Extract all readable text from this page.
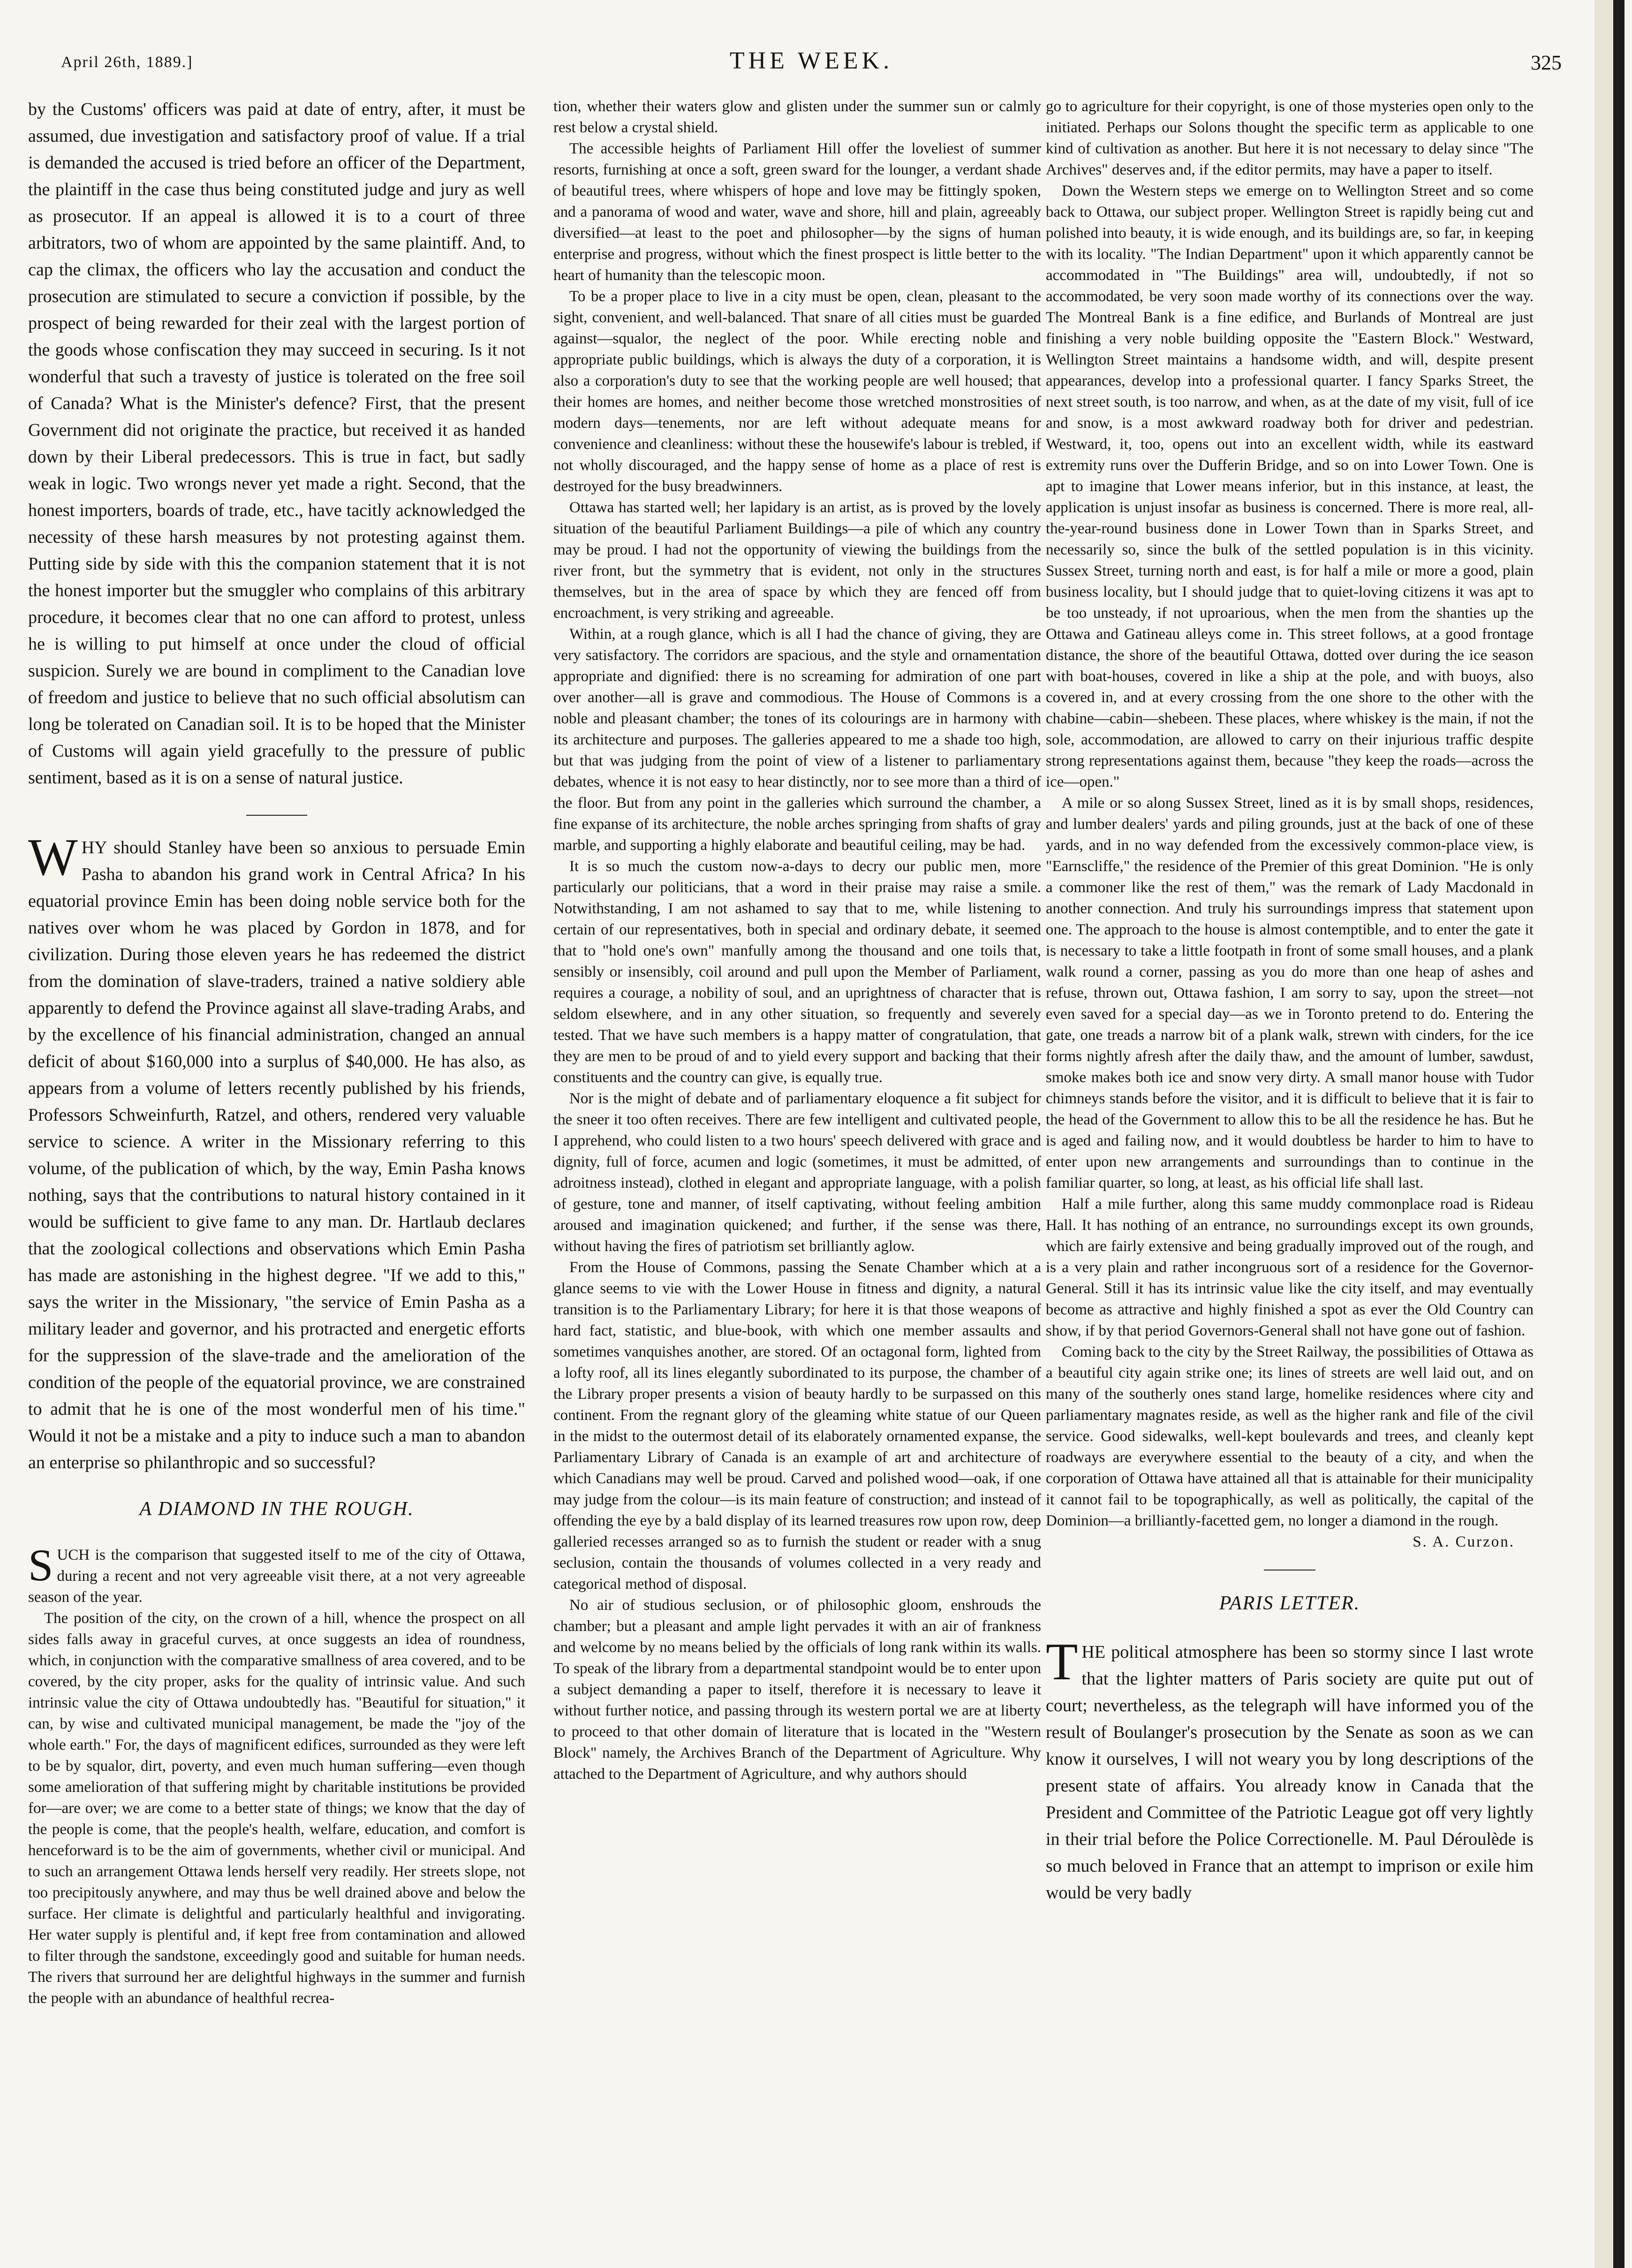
April 26th, 1889.]	THE WEEK.	325

by the Customs' officers was paid at date of entry, after, it must be assumed, due investigation and satisfactory proof of value. If a trial is demanded the accused is tried before an officer of the Department, the plaintiff in the case thus being constituted judge and jury as well as prosecutor. If an appeal is allowed it is to a court of three arbitrators, two of whom are appointed by the same plaintiff. And, to cap the climax, the officers who lay the accusation and conduct the prosecution are stimulated to secure a conviction if possible, by the prospect of being rewarded for their zeal with the largest portion of the goods whose confiscation they may succeed in securing. Is it not wonderful that such a travesty of justice is tolerated on the free soil of Canada? What is the Minister's defence? First, that the present Government did not originate the practice, but received it as handed down by their Liberal predecessors. This is true in fact, but sadly weak in logic. Two wrongs never yet made a right. Second, that the honest importers, boards of trade, etc., have tacitly acknowledged the necessity of these harsh measures by not protesting against them. Putting side by side with this the companion statement that it is not the honest importer but the smuggler who complains of this arbitrary procedure, it becomes clear that no one can afford to protest, unless he is willing to put himself at once under the cloud of official suspicion. Surely we are bound in compliment to the Canadian love of freedom and justice to believe that no such official absolutism can long be tolerated on Canadian soil. It is to be hoped that the Minister of Customs will again yield gracefully to the pressure of public sentiment, based as it is on a sense of natural justice.

WHY should Stanley have been so anxious to persuade Emin Pasha to abandon his grand work in Central Africa? In his equatorial province Emin has been doing noble service both for the natives over whom he was placed by Gordon in 1878, and for civilization. During those eleven years he has redeemed the district from the domination of slave-traders, trained a native soldiery able apparently to defend the Province against all slave-trading Arabs, and by the excellence of his financial administration, changed an annual deficit of about $160,000 into a surplus of $40,000. He has also, as appears from a volume of letters recently published by his friends, Professors Schweinfurth, Ratzel, and others, rendered very valuable service to science. A writer in the Missionary referring to this volume, of the publication of which, by the way, Emin Pasha knows nothing, says that the contributions to natural history contained in it would be sufficient to give fame to any man. Dr. Hartlaub declares that the zoological collections and observations which Emin Pasha has made are astonishing in the highest degree. "If we add to this," says the writer in the Missionary, "the service of Emin Pasha as a military leader and governor, and his protracted and energetic efforts for the suppression of the slave-trade and the amelioration of the condition of the people of the equatorial province, we are constrained to admit that he is one of the most wonderful men of his time." Would it not be a mistake and a pity to induce such a man to abandon an enterprise so philanthropic and so successful?

A DIAMOND IN THE ROUGH.

SUCH is the comparison that suggested itself to me of the city of Ottawa, during a recent and not very agreeable visit there, at a not very agreeable season of the year.

The position of the city, on the crown of a hill, whence the prospect on all sides falls away in graceful curves, at once suggests an idea of roundness, which, in conjunction with the comparative smallness of area covered, and to be covered, by the city proper, asks for the quality of intrinsic value. And such intrinsic value the city of Ottawa undoubtedly has. "Beautiful for situation," it can, by wise and cultivated municipal management, be made the "joy of the whole earth." For, the days of magnificent edifices, surrounded as they were left to be by squalor, dirt, poverty, and even much human suffering—even though some amelioration of that suffering might by charitable institutions be provided for—are over; we are come to a better state of things; we know that the day of the people is come, that the people's health, welfare, education, and comfort is henceforward is to be the aim of governments, whether civil or municipal. And to such an arrangement Ottawa lends herself very readily. Her streets slope, not too precipitously anywhere, and may thus be well drained above and below the surface. Her climate is delightful and particularly healthful and invigorating. Her water supply is plentiful and, if kept free from contamination and allowed to filter through the sandstone, exceedingly good and suitable for human needs. The rivers that surround her are delightful highways in the summer and furnish the people with an abundance of healthful recrea-

tion, whether their waters glow and glisten under the summer sun or calmly rest below a crystal shield.

The accessible heights of Parliament Hill offer the loveliest of summer resorts, furnishing at once a soft, green sward for the lounger, a verdant shade of beautiful trees, where whispers of hope and love may be fittingly spoken, and a panorama of wood and water, wave and shore, hill and plain, agreeably diversified—at least to the poet and philosopher—by the signs of human enterprise and progress, without which the finest prospect is little better to the heart of humanity than the telescopic moon.

To be a proper place to live in a city must be open, clean, pleasant to the sight, convenient, and well-balanced. That snare of all cities must be guarded against—squalor, the neglect of the poor. While erecting noble and appropriate public buildings, which is always the duty of a corporation, it is also a corporation's duty to see that the working people are well housed; that their homes are homes, and neither become those wretched monstrosities of modern days—tenements, nor are left without adequate means for convenience and cleanliness: without these the housewife's labour is trebled, if not wholly discouraged, and the happy sense of home as a place of rest is destroyed for the busy breadwinners.

Ottawa has started well; her lapidary is an artist, as is proved by the lovely situation of the beautiful Parliament Buildings—a pile of which any country may be proud. I had not the opportunity of viewing the buildings from the river front, but the symmetry that is evident, not only in the structures themselves, but in the area of space by which they are fenced off from encroachment, is very striking and agreeable.

Within, at a rough glance, which is all I had the chance of giving, they are very satisfactory. The corridors are spacious, and the style and ornamentation appropriate and dignified: there is no screaming for admiration of one part over another—all is grave and commodious. The House of Commons is a noble and pleasant chamber; the tones of its colourings are in harmony with its architecture and purposes. The galleries appeared to me a shade too high, but that was judging from the point of view of a listener to parliamentary debates, whence it is not easy to hear distinctly, nor to see more than a third of the floor. But from any point in the galleries which surround the chamber, a fine expanse of its architecture, the noble arches springing from shafts of gray marble, and supporting a highly elaborate and beautiful ceiling, may be had.

It is so much the custom now-a-days to decry our public men, more particularly our politicians, that a word in their praise may raise a smile. Notwithstanding, I am not ashamed to say that to me, while listening to certain of our representatives, both in special and ordinary debate, it seemed that to "hold one's own" manfully among the thousand and one toils that, sensibly or insensibly, coil around and pull upon the Member of Parliament, requires a courage, a nobility of soul, and an uprightness of character that is seldom elsewhere, and in any other situation, so frequently and severely tested. That we have such members is a happy matter of congratulation, that they are men to be proud of and to yield every support and backing that their constituents and the country can give, is equally true.

Nor is the might of debate and of parliamentary eloquence a fit subject for the sneer it too often receives. There are few intelligent and cultivated people, I apprehend, who could listen to a two hours' speech delivered with grace and dignity, full of force, acumen and logic (sometimes, it must be admitted, of adroitness instead), clothed in elegant and appropriate language, with a polish of gesture, tone and manner, of itself captivating, without feeling ambition aroused and imagination quickened; and further, if the sense was there, without having the fires of patriotism set brilliantly aglow.

From the House of Commons, passing the Senate Chamber which at a glance seems to vie with the Lower House in fitness and dignity, a natural transition is to the Parliamentary Library; for here it is that those weapons of hard fact, statistic, and blue-book, with which one member assaults and sometimes vanquishes another, are stored. Of an octagonal form, lighted from a lofty roof, all its lines elegantly subordinated to its purpose, the chamber of the Library proper presents a vision of beauty hardly to be surpassed on this continent. From the regnant glory of the gleaming white statue of our Queen in the midst to the outermost detail of its elaborately ornamented expanse, the Parliamentary Library of Canada is an example of art and architecture of which Canadians may well be proud. Carved and polished wood—oak, if one may judge from the colour—is its main feature of construction; and instead of offending the eye by a bald display of its learned treasures row upon row, deep galleried recesses arranged so as to furnish the student or reader with a snug seclusion, contain the thousands of volumes collected in a very ready and categorical method of disposal.

No air of studious seclusion, or of philosophic gloom, enshrouds the chamber; but a pleasant and ample light pervades it with an air of frankness and welcome by no means belied by the officials of long rank within its walls. To speak of the library from a departmental standpoint would be to enter upon a subject demanding a paper to itself, therefore it is necessary to leave it without further notice, and passing through its western portal we are at liberty to proceed to that other domain of literature that is located in the "Western Block" namely, the Archives Branch of the Department of Agriculture. Why attached to the Department of Agriculture, and why authors should

go to agriculture for their copyright, is one of those mysteries open only to the initiated. Perhaps our Solons thought the specific term as applicable to one kind of cultivation as another. But here it is not necessary to delay since "The Archives" deserves and, if the editor permits, may have a paper to itself.

Down the Western steps we emerge on to Wellington Street and so come back to Ottawa, our subject proper. Wellington Street is rapidly being cut and polished into beauty, it is wide enough, and its buildings are, so far, in keeping with its locality. "The Indian Department" upon it which apparently cannot be accommodated in "The Buildings" area will, undoubtedly, if not so accommodated, be very soon made worthy of its connections over the way. The Montreal Bank is a fine edifice, and Burlands of Montreal are just finishing a very noble building opposite the "Eastern Block." Westward, Wellington Street maintains a handsome width, and will, despite present appearances, develop into a professional quarter. I fancy Sparks Street, the next street south, is too narrow, and when, as at the date of my visit, full of ice and snow, is a most awkward roadway both for driver and pedestrian. Westward, it, too, opens out into an excellent width, while its eastward extremity runs over the Dufferin Bridge, and so on into Lower Town. One is apt to imagine that Lower means inferior, but in this instance, at least, the application is unjust insofar as business is concerned. There is more real, all-the-year-round business done in Lower Town than in Sparks Street, and necessarily so, since the bulk of the settled population is in this vicinity. Sussex Street, turning north and east, is for half a mile or more a good, plain business locality, but I should judge that to quiet-loving citizens it was apt to be too unsteady, if not uproarious, when the men from the shanties up the Ottawa and Gatineau alleys come in. This street follows, at a good frontage distance, the shore of the beautiful Ottawa, dotted over during the ice season with boat-houses, covered in like a ship at the pole, and with buoys, also covered in, and at every crossing from the one shore to the other with the chabine—cabin—shebeen. These places, where whiskey is the main, if not the sole, accommodation, are allowed to carry on their injurious traffic despite strong representations against them, because "they keep the roads—across the ice—open."

A mile or so along Sussex Street, lined as it is by small shops, residences, and lumber dealers' yards and piling grounds, just at the back of one of these yards, and in no way defended from the excessively common-place view, is "Earnscliffe," the residence of the Premier of this great Dominion. "He is only a commoner like the rest of them," was the remark of Lady Macdonald in another connection. And truly his surroundings impress that statement upon one. The approach to the house is almost contemptible, and to enter the gate it is necessary to take a little footpath in front of some small houses, and a plank walk round a corner, passing as you do more than one heap of ashes and refuse, thrown out, Ottawa fashion, I am sorry to say, upon the street—not even saved for a special day—as we in Toronto pretend to do. Entering the gate, one treads a narrow bit of a plank walk, strewn with cinders, for the ice forms nightly afresh after the daily thaw, and the amount of lumber, sawdust, smoke makes both ice and snow very dirty. A small manor house with Tudor chimneys stands before the visitor, and it is difficult to believe that it is fair to the head of the Government to allow this to be all the residence he has. But he is aged and failing now, and it would doubtless be harder to him to have to enter upon new arrangements and surroundings than to continue in the familiar quarter, so long, at least, as his official life shall last.

Half a mile further, along this same muddy commonplace road is Rideau Hall. It has nothing of an entrance, no surroundings except its own grounds, which are fairly extensive and being gradually improved out of the rough, and is a very plain and rather incongruous sort of a residence for the Governor-General. Still it has its intrinsic value like the city itself, and may eventually become as attractive and highly finished a spot as ever the Old Country can show, if by that period Governors-General shall not have gone out of fashion.

Coming back to the city by the Street Railway, the possibilities of Ottawa as a beautiful city again strike one; its lines of streets are well laid out, and on many of the southerly ones stand large, homelike residences where city and parliamentary magnates reside, as well as the higher rank and file of the civil service. Good sidewalks, well-kept boulevards and trees, and cleanly kept roadways are everywhere essential to the beauty of a city, and when the corporation of Ottawa have attained all that is attainable for their municipality it cannot fail to be topographically, as well as politically, the capital of the Dominion—a brilliantly-facetted gem, no longer a diamond in the rough.

S. A. Curzon.
PARIS LETTER.

THE political atmosphere has been so stormy since I last wrote that the lighter matters of Paris society are quite put out of court; nevertheless, as the telegraph will have informed you of the result of Boulanger's prosecution by the Senate as soon as we can know it ourselves, I will not weary you by long descriptions of the present state of affairs. You already know in Canada that the President and Committee of the Patriotic League got off very lightly in their trial before the Police Correctionelle. M. Paul Déroulède is so much beloved in France that an attempt to imprison or exile him would be very badly
